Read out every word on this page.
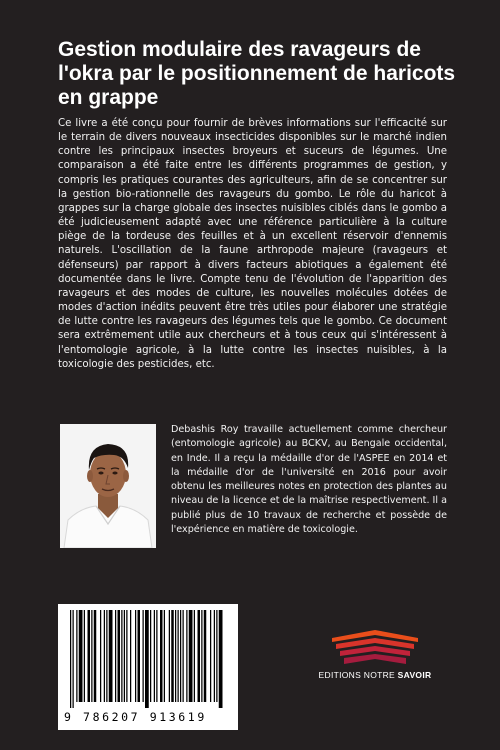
Gestion modulaire des ravageurs de l'okra par le positionnement de haricots en grappe

Ce livre a été conçu pour fournir de brèves informations sur l'efficacité sur le terrain de divers nouveaux insecticides disponibles sur le marché indien contre les principaux insectes broyeurs et suceurs de légumes. Une comparaison a été faite entre les différents programmes de gestion, y compris les pratiques courantes des agriculteurs, afin de se concentrer sur la gestion bio-rationnelle des ravageurs du gombo. Le rôle du haricot à grappes sur la charge globale des insectes nuisibles ciblés dans le gombo a été judicieusement adapté avec une référence particulière à la culture piège de la tordeuse des feuilles et à un excellent réservoir d'ennemis naturels. L'oscillation de la faune arthropode majeure (ravageurs et défenseurs) par rapport à divers facteurs abiotiques a également été documentée dans le livre. Compte tenu de l'évolution de l'apparition des ravageurs et des modes de culture, les nouvelles molécules dotées de modes d'action inédits peuvent être très utiles pour élaborer une stratégie de lutte contre les ravageurs des légumes tels que le gombo. Ce document sera extrêmement utile aux chercheurs et à tous ceux qui s'intéressent à l'entomologie agricole, à la lutte contre les insectes nuisibles, à la toxicologie des pesticides, etc.

Debashis Roy travaille actuellement comme chercheur (entomologie agricole) au BCKV, au Bengale occidental, en Inde. Il a reçu la médaille d'or de l'ASPEE en 2014 et la médaille d'or de l'université en 2016 pour avoir obtenu les meilleures notes en protection des plantes au niveau de la licence et de la maîtrise respectivement. Il a publié plus de 10 travaux de recherche et possède de l'expérience en matière de toxicologie.

9 786207 913619
EDITIONS NOTRE SAVOIR
